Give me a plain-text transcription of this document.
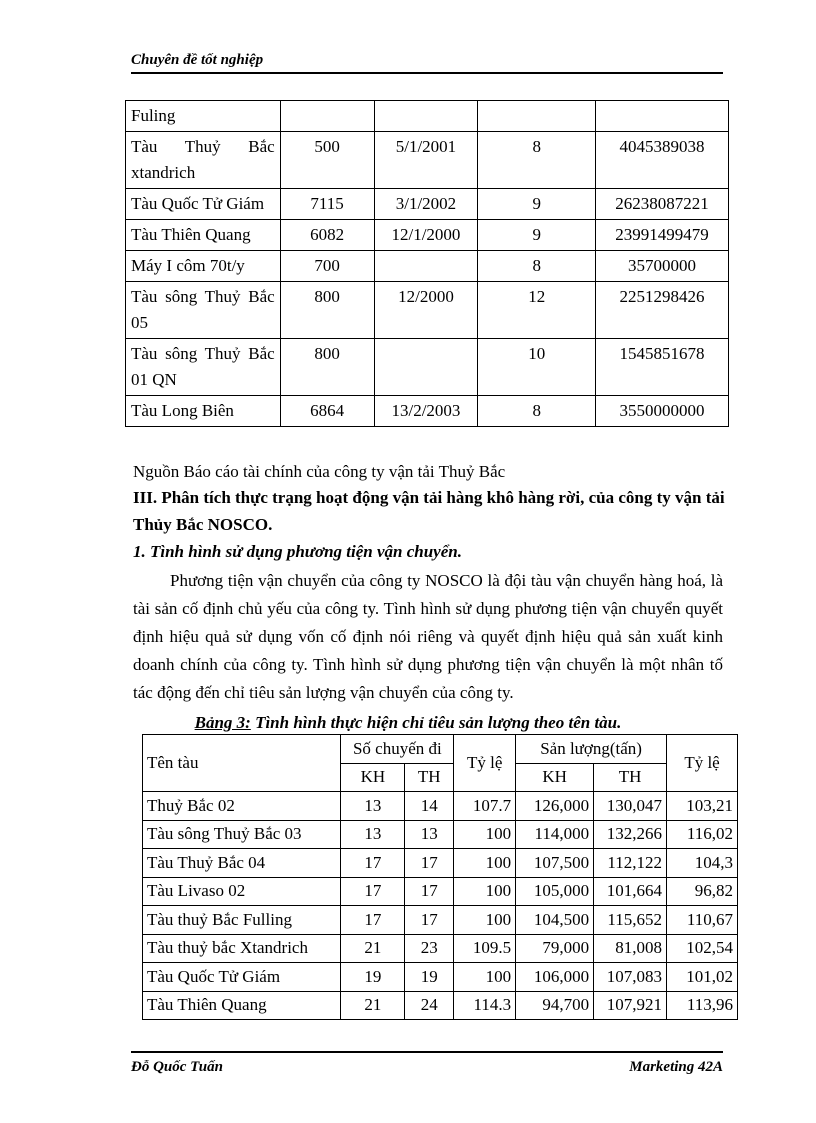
Chuyên đề tốt nghiệp
Fuling				
Tàu Thuỷ Bắc xtandrich	500	5/1/2001	8	4045389038
Tàu Quốc Tử Giám	7115	3/1/2002	9	26238087221
Tàu Thiên Quang	6082	12/1/2000	9	23991499479
Máy I côm 70t/y	700		8	35700000
Tàu sông Thuỷ Bắc 05	800	12/2000	12	2251298426
Tàu sông Thuỷ Bắc 01 QN	800		10	1545851678
Tàu Long Biên	6864	13/2/2003	8	3550000000
Nguồn Báo cáo tài chính của công ty vận tải Thuỷ Bắc
III. Phân tích thực trạng hoạt động vận tải hàng khô hàng rời, của công ty vận tải Thủy Bắc NOSCO.
1. Tình hình sử dụng phương tiện vận chuyển.
Phương tiện vận chuyển của công ty NOSCO là đội tàu vận chuyển hàng hoá, là tài sản cố định chủ yếu của công ty. Tình hình sử dụng phương tiện vận chuyển quyết định hiệu quả sử dụng vốn cố định nói riêng và quyết định hiệu quả sản xuất kinh doanh chính của công ty. Tình hình sử dụng phương tiện vận chuyển là một nhân tố tác động đến chỉ tiêu sản lượng vận chuyển của công ty.
Bảng 3: Tình hình thực hiện chỉ tiêu sản lượng theo tên tàu.
Tên tàu	Số chuyến đi		Tỷ lệ	Sản lượng(tấn)		Tỷ lệ
	KH	TH		KH	TH	
Thuỷ Bắc 02	13	14	107.7	126,000	130,047	103,21
Tàu sông Thuỷ Bắc 03	13	13	100	114,000	132,266	116,02
Tàu Thuỷ Bắc 04	17	17	100	107,500	112,122	104,3
Tàu Livaso 02	17	17	100	105,000	101,664	96,82
Tàu thuỷ Bắc Fulling	17	17	100	104,500	115,652	110,67
Tàu thuỷ bắc Xtandrich	21	23	109.5	79,000	81,008	102,54
Tàu Quốc Tử Giám	19	19	100	106,000	107,083	101,02
Tàu Thiên Quang	21	24	114.3	94,700	107,921	113,96
Đỗ Quốc Tuấn	Marketing 42A
